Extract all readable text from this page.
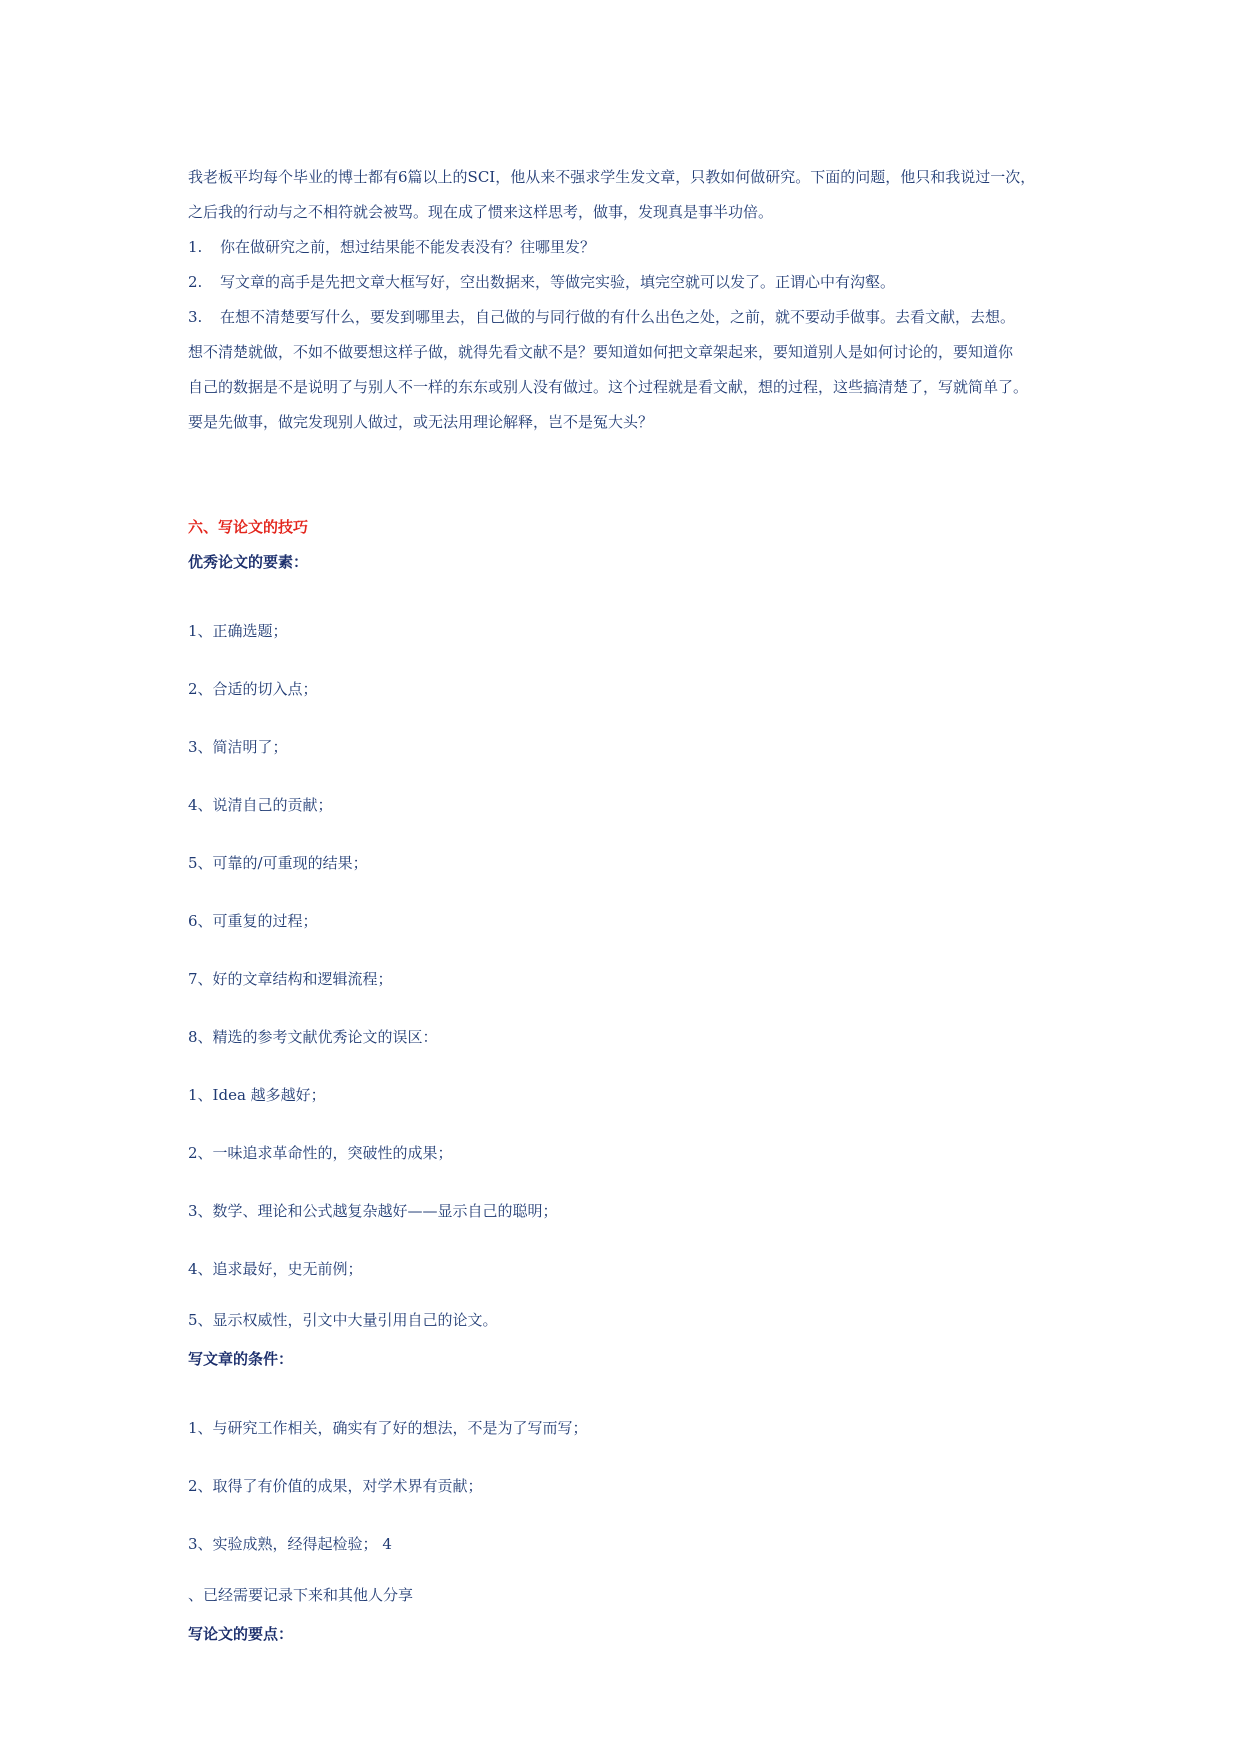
我老板平均每个毕业的博士都有6篇以上的SCI，他从来不强求学生发文章，只教如何做研究。下面的问题，他只和我说过一次，

之后我的行动与之不相符就会被骂。现在成了惯来这样思考，做事，发现真是事半功倍。

1.	你在做研究之前，想过结果能不能发表没有？往哪里发？
2.	写文章的高手是先把文章大框写好，空出数据来，等做完实验，填完空就可以发了。正谓心中有沟壑。
3.	在想不清楚要写什么，要发到哪里去，自己做的与同行做的有什么出色之处，之前，就不要动手做事。去看文献，去想。

想不清楚就做，不如不做要想这样子做，就得先看文献不是？要知道如何把文章架起来，要知道别人是如何讨论的，要知道你

自己的数据是不是说明了与别人不一样的东东或别人没有做过。这个过程就是看文献，想的过程，这些搞清楚了，写就简单了。

要是先做事，做完发现别人做过，或无法用理论解释，岂不是冤大头？

六、写论文的技巧

优秀论文的要素：

1、正确选题；

2、合适的切入点；

3、简洁明了；

4、说清自己的贡献；

5、可靠的/可重现的结果；

6、可重复的过程；

7、好的文章结构和逻辑流程；

8、精选的参考文献优秀论文的误区：

1、Idea 越多越好；

2、一味追求革命性的，突破性的成果；

3、数学、理论和公式越复杂越好——显示自己的聪明；

4、追求最好，史无前例；

5、显示权威性，引文中大量引用自己的论文。

写文章的条件：

1、与研究工作相关，确实有了好的想法，不是为了写而写；

2、取得了有价值的成果，对学术界有贡献；

3、实验成熟，经得起检验； 4

、已经需要记录下来和其他人分享

写论文的要点：
